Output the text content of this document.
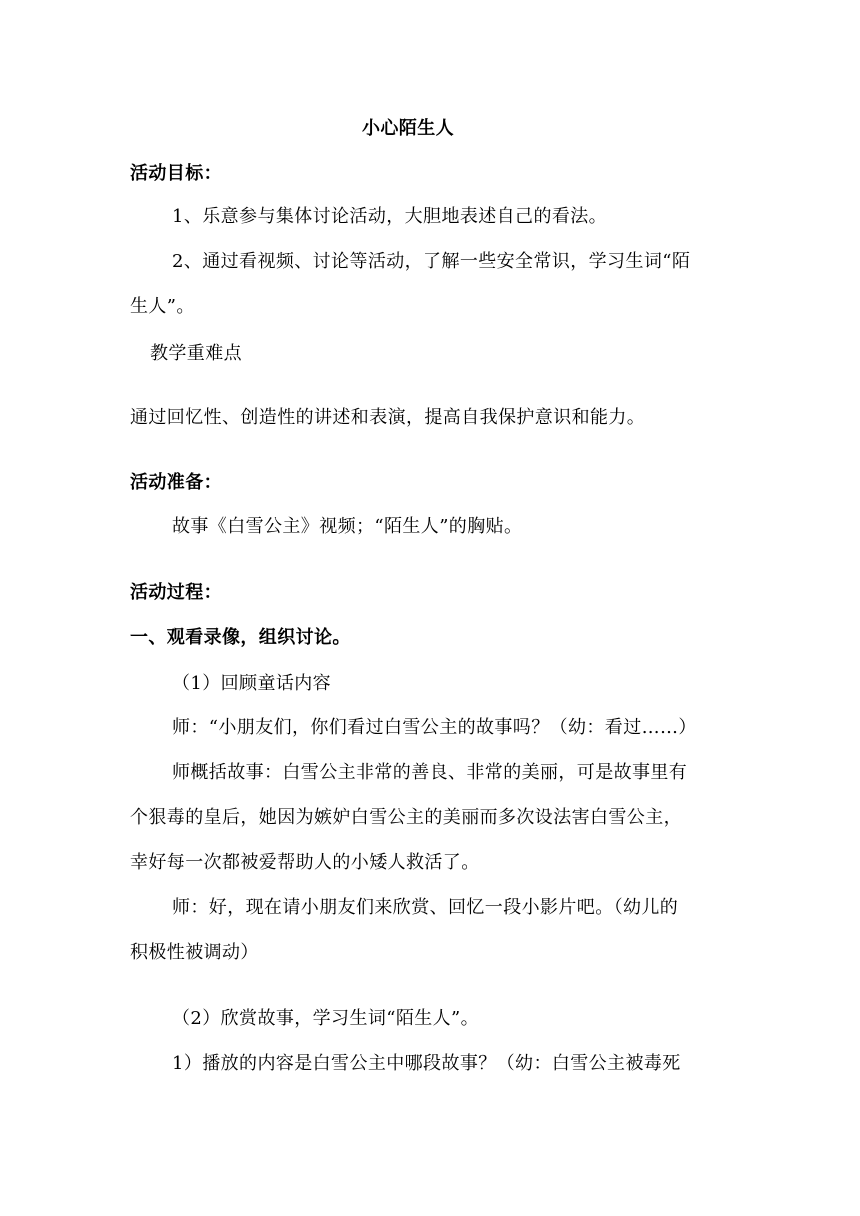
小心陌生人
活动目标：
1、乐意参与集体讨论活动，大胆地表述自己的看法。
2、通过看视频、讨论等活动，了解一些安全常识，学习生词“陌
生人”。
教学重难点
通过回忆性、创造性的讲述和表演，提高自我保护意识和能力。
活动准备：
故事《白雪公主》视频；“陌生人”的胸贴。
活动过程：
一、观看录像，组织讨论。
（1）回顾童话内容
师：“小朋友们，你们看过白雪公主的故事吗？（幼：看过……）
师概括故事：白雪公主非常的善良、非常的美丽，可是故事里有
个狠毒的皇后，她因为嫉妒白雪公主的美丽而多次设法害白雪公主，
幸好每一次都被爱帮助人的小矮人救活了。
师：好，现在请小朋友们来欣赏、回忆一段小影片吧。（幼儿的
积极性被调动）
（2）欣赏故事，学习生词“陌生人”。
1）播放的内容是白雪公主中哪段故事？（幼：白雪公主被毒死
